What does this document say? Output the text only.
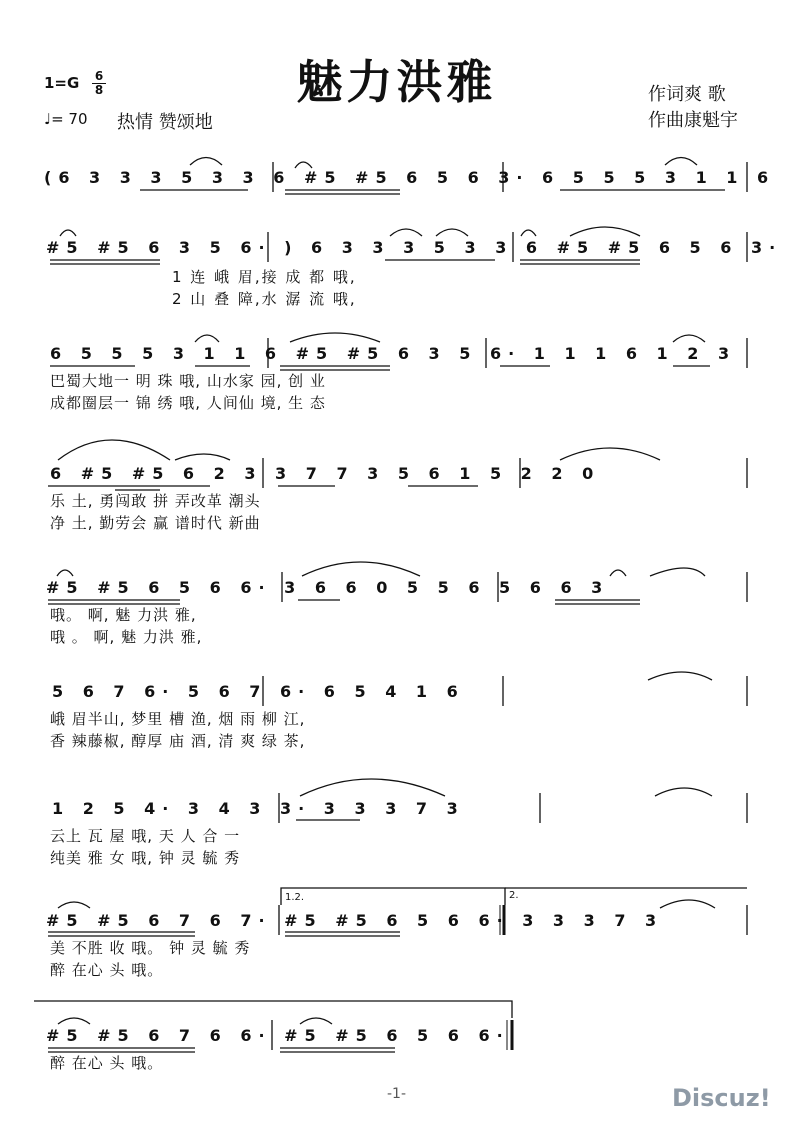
魅力洪雅
1=G 6
8
♩= 70 热情 赞颂地
作词爽 歌
作曲康魁宇
(6 3 3 3 5 3 3 6 #5 #5 6 5 6 3· 6 5 5 5 3 1 1 6
#5 #5 6 3 5 6· ) 6 3 3 3 5 3 3 6 #5 #5 6 5 6 3·
1 连 峨 眉,接 成 都 哦,
2 山 叠 障,水 潺 流 哦,
6 5 5 5 3 1 1 6 #5 #5 6 3 5 6· 1 1 1 6 1 2 3
巴蜀大地一 明 珠 哦, 山水家 园, 创 业
成都圈层一 锦 绣 哦, 人间仙 境, 生 态
6 #5 #5 6 2 3 3 7 7 3 5 6 1 5 2 2 0
乐 土, 勇闯敢 拼 弄改革 潮头
净 土, 勤劳会 赢 谱时代 新曲
#5 #5 6 5 6 6· 3 6 6 0 5 5 6 5 6 6 3
哦。 啊, 魅 力洪 雅,
哦 。 啊, 魅 力洪 雅,
5 6 7 6· 5 6 7 6· 6 5 4 1 6
峨 眉半山, 梦里 槽 渔, 烟 雨 柳 江,
香 辣藤椒, 醇厚 庙 酒, 清 爽 绿 茶,
1 2 5 4· 3 4 3 3· 3 3 3 7 3
云上 瓦 屋 哦, 天 人 合 一
纯美 雅 女 哦, 钟 灵 毓 秀
1.2.	2.
#5 #5 6 7 6 7· #5 #5 6 5 6 6· 3 3 3 7 3
美 不胜 收 哦。 钟 灵 毓 秀
醉 在心 头 哦。
#5 #5 6 7 6 6· #5 #5 6 5 6 6·
醉 在心 头 哦。
-1-	Discuz!
